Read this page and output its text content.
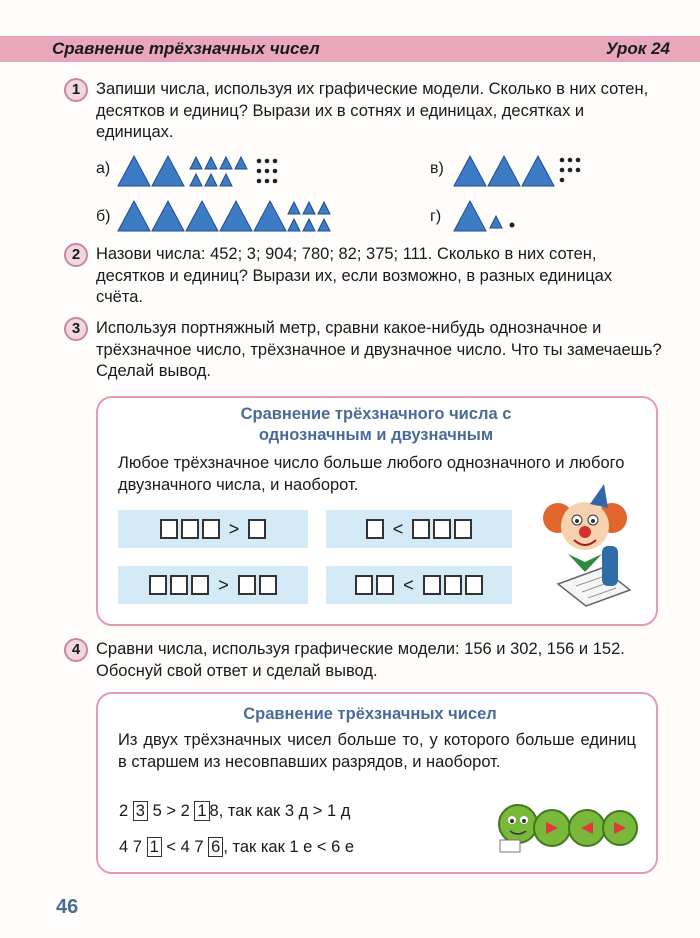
Сравнение трёхзначных чисел	Урок 24
1 Запиши числа, используя их графические модели. Сколько в них сотен, десятков и единиц? Вырази их в сотнях и единицах, десятках и единицах.
а)
б)
в)
г)
2 Назови числа: 452; 3; 904; 780; 82; 375; 111. Сколько в них сотен, десятков и единиц? Вырази их, если возможно, в разных единицах счёта.
3 Используя портняжный метр, сравни какое-нибудь однозначное и трёхзначное число, трёхзначное и двузначное число. Что ты замечаешь? Сделай вывод.
Сравнение трёхзначного числа с однозначным и двузначным
Любое трёхзначное число больше любого однозначного и любого двузначного числа, и наоборот.
>	<
>	<
4 Сравни числа, используя графические модели: 156 и 302, 156 и 152. Обоснуй свой ответ и сделай вывод.
Сравнение трёхзначных чисел
Из двух трёхзначных чисел больше то, у которого больше единиц в старшем из несовпавших разрядов, и наоборот.
2 3 5 > 2 1 8, так как 3 д > 1 д
4 7 1 < 4 7 6 , так как 1 е < 6 е
46
